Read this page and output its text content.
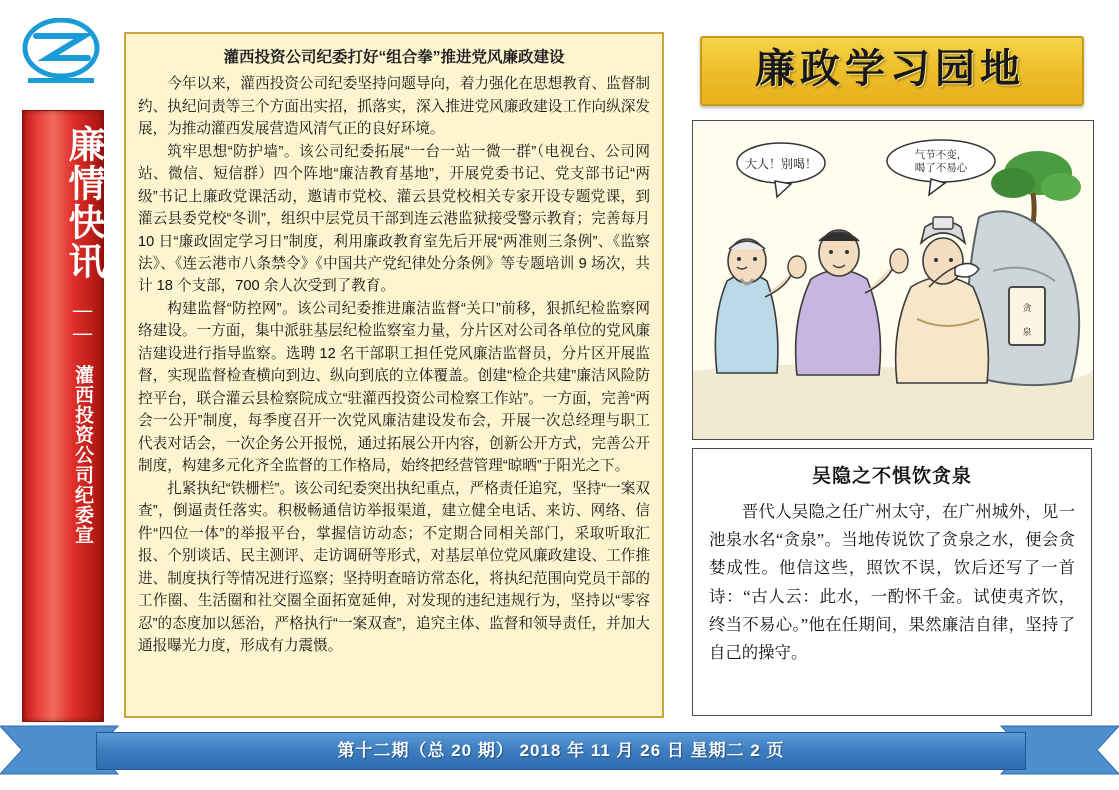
廉情快讯 —— 灌西投资公司纪委宣
灌西投资公司纪委打好“组合拳”推进党风廉政建设

今年以来，灌西投资公司纪委坚持问题导向，着力强化在思想教育、监督制约、执纪问责等三个方面出实招，抓落实，深入推进党风廉政建设工作向纵深发展，为推动灌西发展营造风清气正的良好环境。

筑牢思想“防护墙”。该公司纪委拓展“一台一站一微一群”（电视台、公司网站、微信、短信群）四个阵地“廉洁教育基地”，开展党委书记、党支部书记“两级”书记上廉政党课活动，邀请市党校、灌云县党校相关专家开设专题党课，到灌云县委党校“冬训”，组织中层党员干部到连云港监狱接受警示教育；完善每月 10 日“廉政固定学习日”制度，利用廉政教育室先后开展“两准则三条例”、《监察法》、《连云港市八条禁令》《中国共产党纪律处分条例》等专题培训 9 场次，共计 18 个支部，700 余人次受到了教育。

构建监督“防控网”。该公司纪委推进廉洁监督“关口”前移，狠抓纪检监察网络建设。一方面，集中派驻基层纪检监察室力量，分片区对公司各单位的党风廉洁建设进行指导监察。选聘 12 名干部职工担任党风廉洁监督员，分片区开展监督，实现监督检查横向到边、纵向到底的立体覆盖。创建“检企共建”廉洁风险防控平台，联合灌云县检察院成立“驻灌西投资公司检察工作站”。一方面，完善“两会一公开”制度，每季度召开一次党风廉洁建设发布会，开展一次总经理与职工代表对话会，一次企务公开报悦，通过拓展公开内容，创新公开方式，完善公开制度，构建多元化齐全监督的工作格局，始终把经营管理“晾晒”于阳光之下。

扎紧执纪“铁栅栏”。该公司纪委突出执纪重点，严格责任追究，坚持“一案双查”，倒逼责任落实。积极畅通信访举报渠道，建立健全电话、来访、网络、信件“四位一体”的举报平台，掌握信访动态；不定期合同相关部门，采取听取汇报、个别谈话、民主测评、走访调研等形式，对基层单位党风廉政建设、工作推进、制度执行等情况进行巡察；坚持明查暗访常态化，将执纪范围向党员干部的工作圈、生活圈和社交圈全面拓宽延伸，对发现的违纪违规行为，坚持以“零容忍”的态度加以惩治，严格执行“一案双查”，追究主体、监督和领导责任，并加大通报曝光力度，形成有力震慑。

廉政学习园地
贪
泉
大人！别喝！
气节不变，
喝了不易心
吴隐之不惧饮贪泉
晋代人吴隐之任广州太守，在广州城外，见一池泉水名“贪泉”。当地传说饮了贪泉之水，便会贪婪成性。他信这些，照饮不误，饮后还写了一首诗：“古人云：此水，一酌怀千金。试使夷齐饮，终当不易心。”他在任期间，果然廉洁自律，坚持了自己的操守。
第十二期（总 20 期） 2018 年 11 月 26 日 星期二 2 页
